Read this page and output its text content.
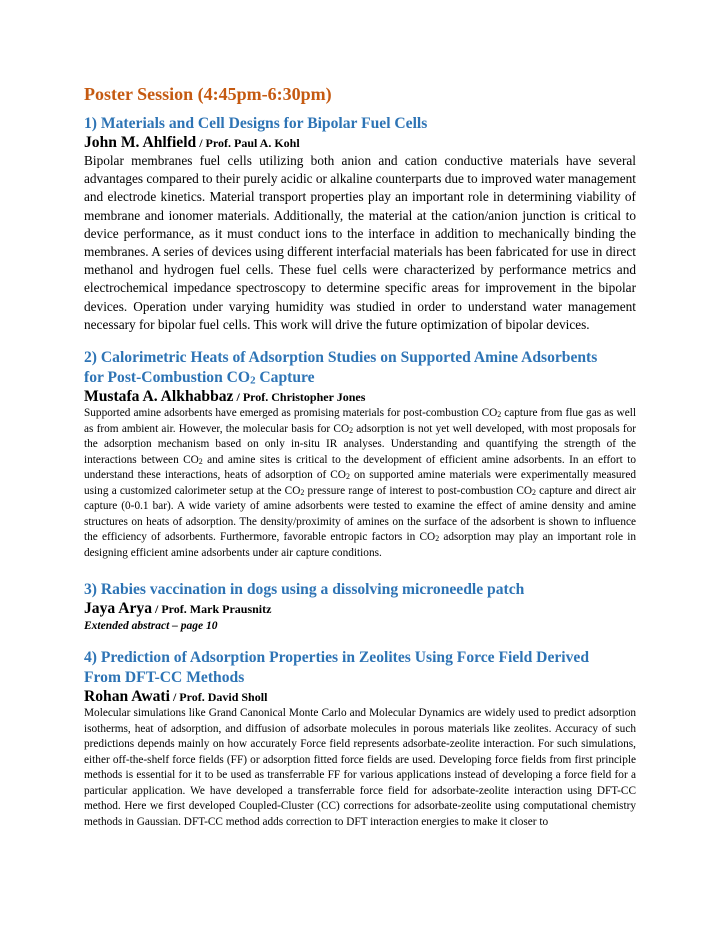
Poster Session (4:45pm-6:30pm)
1) Materials and Cell Designs for Bipolar Fuel Cells
John M. Ahlfield / Prof. Paul A. Kohl
Bipolar membranes fuel cells utilizing both anion and cation conductive materials have several advantages compared to their purely acidic or alkaline counterparts due to improved water management and electrode kinetics. Material transport properties play an important role in determining viability of membrane and ionomer materials. Additionally, the material at the cation/anion junction is critical to device performance, as it must conduct ions to the interface in addition to mechanically binding the membranes. A series of devices using different interfacial materials has been fabricated for use in direct methanol and hydrogen fuel cells. These fuel cells were characterized by performance metrics and electrochemical impedance spectroscopy to determine specific areas for improvement in the bipolar devices. Operation under varying humidity was studied in order to understand water management necessary for bipolar fuel cells. This work will drive the future optimization of bipolar devices.
2) Calorimetric Heats of Adsorption Studies on Supported Amine Adsorbents
for Post-Combustion CO2 Capture
Mustafa A. Alkhabbaz / Prof. Christopher Jones
Supported amine adsorbents have emerged as promising materials for post-combustion CO2 capture from flue gas as well as from ambient air. However, the molecular basis for CO2 adsorption is not yet well developed, with most proposals for the adsorption mechanism based on only in-situ IR analyses. Understanding and quantifying the strength of the interactions between CO2 and amine sites is critical to the development of efficient amine adsorbents. In an effort to understand these interactions, heats of adsorption of CO2 on supported amine materials were experimentally measured using a customized calorimeter setup at the CO2 pressure range of interest to post-combustion CO2 capture and direct air capture (0-0.1 bar). A wide variety of amine adsorbents were tested to examine the effect of amine density and amine structures on heats of adsorption. The density/proximity of amines on the surface of the adsorbent is shown to influence the efficiency of adsorbents. Furthermore, favorable entropic factors in CO2 adsorption may play an important role in designing efficient amine adsorbents under air capture conditions.
3) Rabies vaccination in dogs using a dissolving microneedle patch
Jaya Arya / Prof. Mark Prausnitz
Extended abstract – page 10
4) Prediction of Adsorption Properties in Zeolites Using Force Field Derived
From DFT-CC Methods
Rohan Awati / Prof. David Sholl
Molecular simulations like Grand Canonical Monte Carlo and Molecular Dynamics are widely used to predict adsorption isotherms, heat of adsorption, and diffusion of adsorbate molecules in porous materials like zeolites. Accuracy of such predictions depends mainly on how accurately Force field represents adsorbate-zeolite interaction. For such simulations, either off-the-shelf force fields (FF) or adsorption fitted force fields are used. Developing force fields from first principle methods is essential for it to be used as transferrable FF for various applications instead of developing a force field for a particular application. We have developed a transferrable force field for adsorbate-zeolite interaction using DFT-CC method. Here we first developed Coupled-Cluster (CC) corrections for adsorbate-zeolite using computational chemistry methods in Gaussian. DFT-CC method adds correction to DFT interaction energies to make it closer to
